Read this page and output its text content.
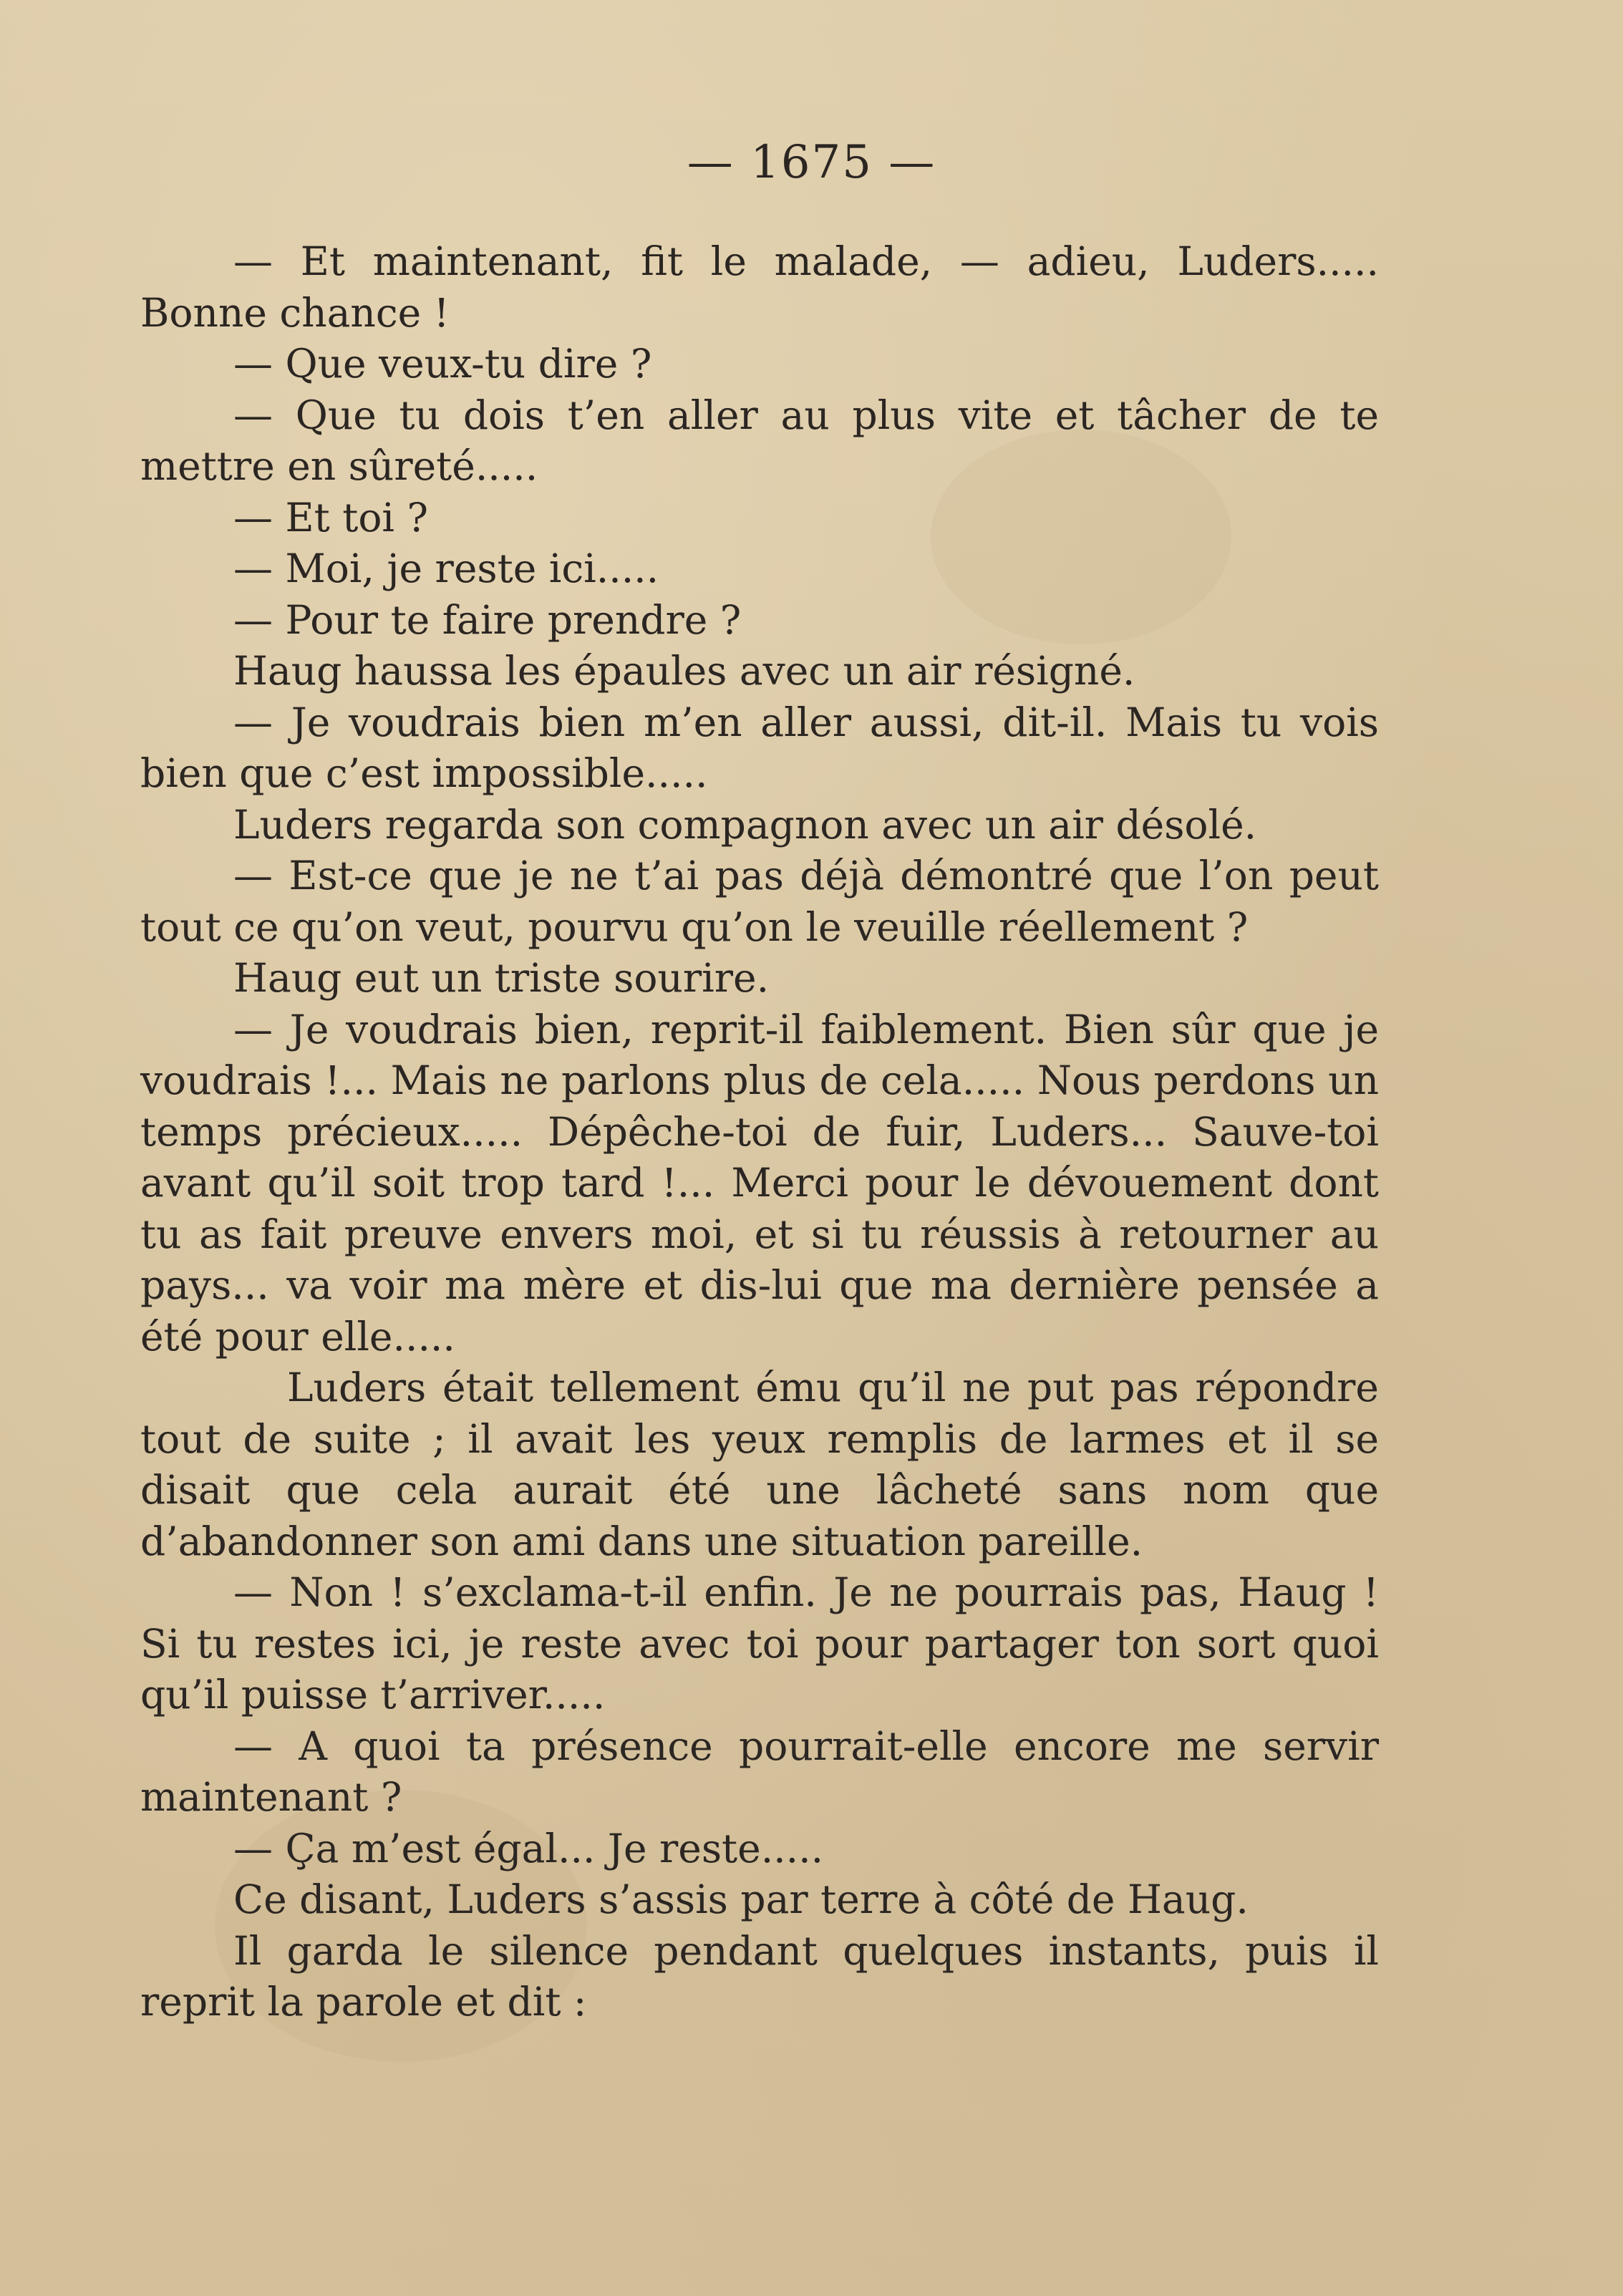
— 1675 —

— Et maintenant, fit le malade, — adieu, Luders..... Bonne chance !

— Que veux-tu dire ?

— Que tu dois t’en aller au plus vite et tâcher de te mettre en sûreté.....

— Et toi ?

— Moi, je reste ici.....

— Pour te faire prendre ?

Haug haussa les épaules avec un air résigné.

— Je voudrais bien m’en aller aussi, dit-il. Mais tu vois bien que c’est impossible.....

Luders regarda son compagnon avec un air désolé.

— Est-ce que je ne t’ai pas déjà démontré que l’on peut tout ce qu’on veut, pourvu qu’on le veuille réellement ?

Haug eut un triste sourire.

— Je voudrais bien, reprit-il faiblement. Bien sûr que je voudrais !... Mais ne parlons plus de cela..... Nous perdons un temps précieux..... Dépêche-toi de fuir, Luders... Sauve-toi avant qu’il soit trop tard !... Merci pour le dévouement dont tu as fait preuve envers moi, et si tu réussis à retourner au pays... va voir ma mère et dis-lui que ma dernière pensée a été pour elle.....

Luders était tellement ému qu’il ne put pas répondre tout de suite ; il avait les yeux remplis de larmes et il se disait que cela aurait été une lâcheté sans nom que d’abandonner son ami dans une situation pareille.

— Non ! s’exclama-t-il enfin. Je ne pourrais pas, Haug ! Si tu restes ici, je reste avec toi pour partager ton sort quoi qu’il puisse t’arriver.....

— A quoi ta présence pourrait-elle encore me servir maintenant ?

— Ça m’est égal... Je reste.....

Ce disant, Luders s’assis par terre à côté de Haug.

Il garda le silence pendant quelques instants, puis il reprit la parole et dit :
